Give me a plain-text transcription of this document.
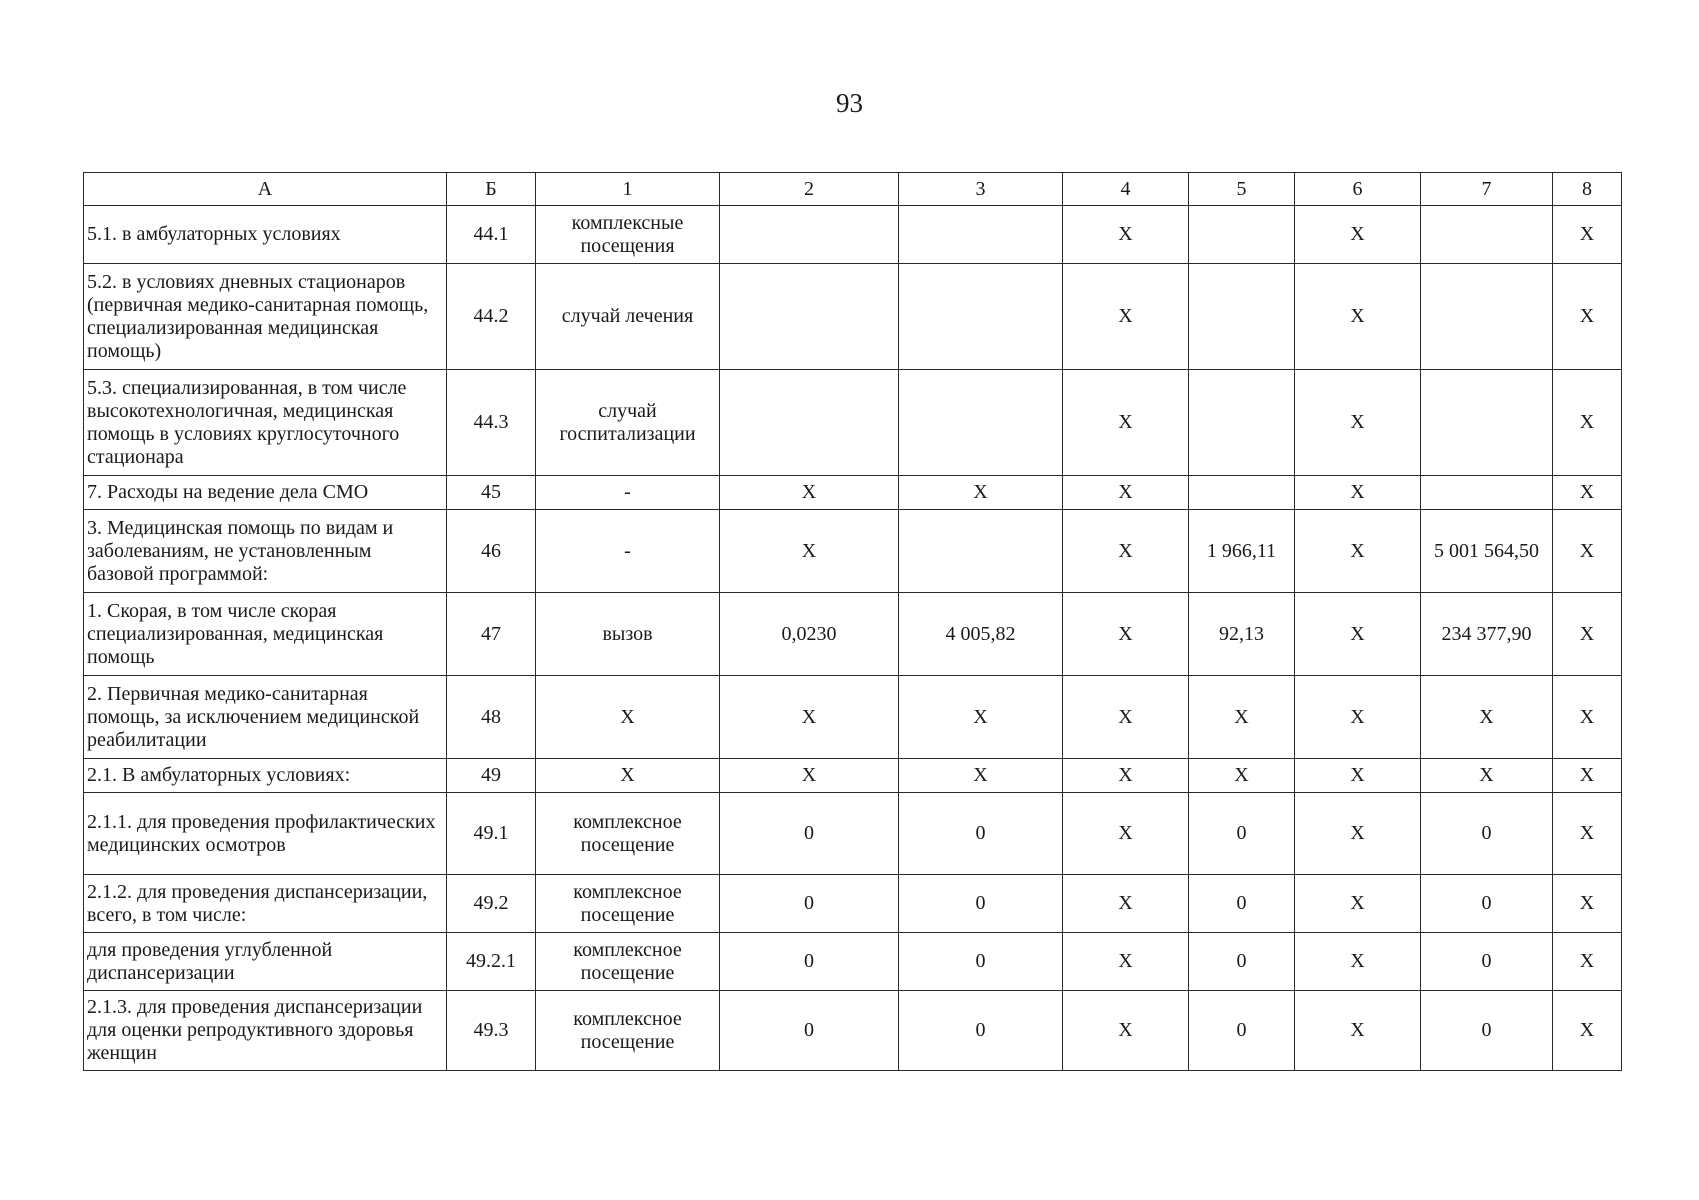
93
А	Б	1	2	3	4	5	6	7	8
5.1. в амбулаторных условиях	44.1	комплексные посещения			X		X		X
5.2. в условиях дневных стационаров (первичная медико-санитарная помощь, специализированная медицинская помощь)	44.2	случай лечения			X		X		X
5.3. специализированная, в том числе высокотехнологичная, медицинская помощь в условиях круглосуточного стационара	44.3	случай госпитализации			X		X		X
7. Расходы на ведение дела СМО	45	-	X	X	X		X		X
3. Медицинская помощь по видам и заболеваниям, не установленным базовой программой:	46	-	X		X	1 966,11	X	5 001 564,50	X
1. Скорая, в том числе скорая специализированная, медицинская помощь	47	вызов	0,0230	4 005,82	X	92,13	X	234 377,90	X
2. Первичная медико-санитарная помощь, за исключением медицинской реабилитации	48	X	X	X	X	X	X	X	X
2.1. В амбулаторных условиях:	49	X	X	X	X	X	X	X	X
2.1.1. для проведения профилактических медицинских осмотров	49.1	комплексное посещение	0	0	X	0	X	0	X
2.1.2. для проведения диспансеризации, всего, в том числе:	49.2	комплексное посещение	0	0	X	0	X	0	X
для проведения углубленной диспансеризации	49.2.1	комплексное посещение	0	0	X	0	X	0	X
2.1.3. для проведения диспансеризации для оценки репродуктивного здоровья женщин	49.3	комплексное посещение	0	0	X	0	X	0	X
